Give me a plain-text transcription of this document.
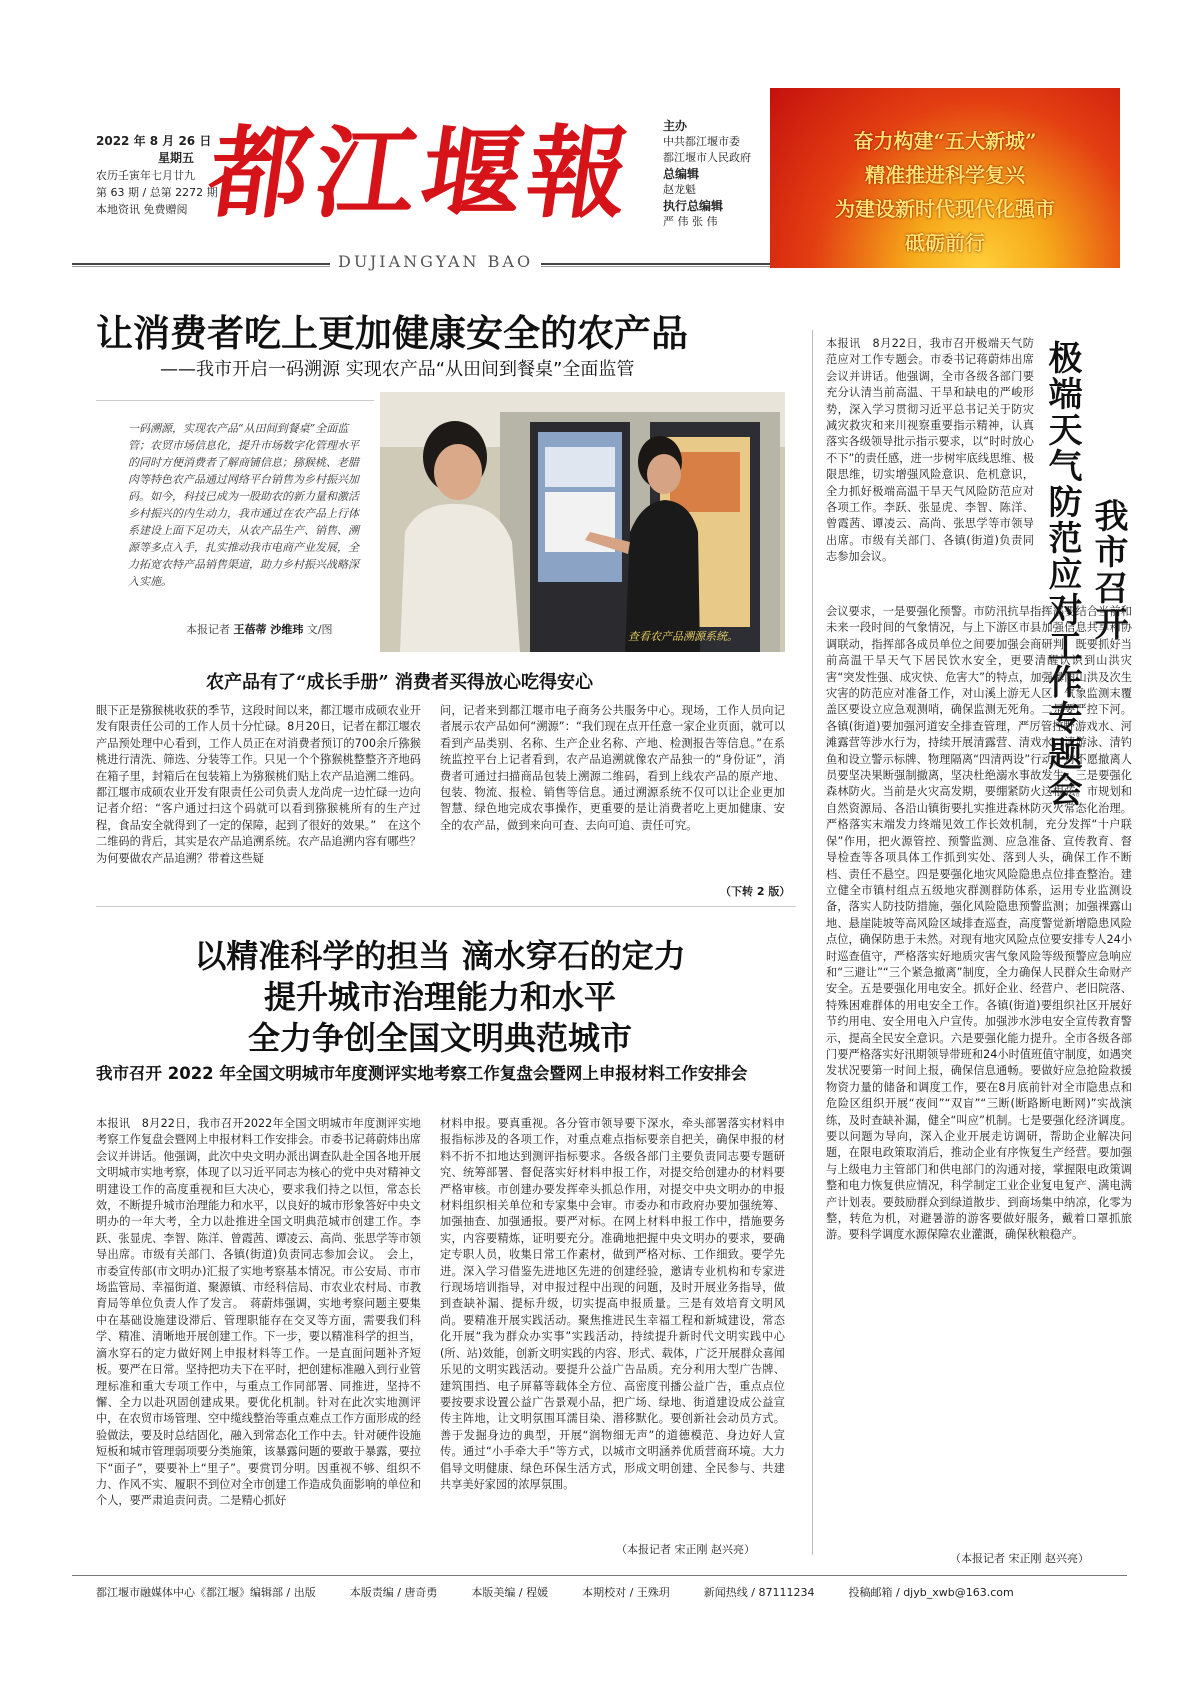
2022 年 8 月 26 日
星期五
农历壬寅年七月廿九
第 63 期 / 总第 2272 期
本地资讯 免费赠阅 都江堰報
DUJIANGYAN BAO
主办
中共都江堰市委
都江堰市人民政府
总编辑
赵龙魁
执行总编辑
严 伟 张 伟
奋力构建“五大新城”
精准推进科学复兴
为建设新时代现代化强市
砥砺前行
让消费者吃上更加健康安全的农产品
——我市开启一码溯源 实现农产品“从田间到餐桌”全面监管
一码溯源，实现农产品“从田间到餐桌”全面监管；农贸市场信息化，提升市场数字化管理水平的同时方便消费者了解商铺信息；猕猴桃、老腊肉等特色农产品通过网络平台销售为乡村振兴加码。如今，科技已成为一股助农的新力量和激活乡村振兴的内生动力，我市通过在农产品上行体系建设上面下足功夫，从农产品生产、销售、溯源等多点入手，扎实推动我市电商产业发展，全力拓宽农特产品销售渠道，助力乡村振兴战略深入实施。
本报记者 王蓓蒂 沙维玮 文/图
查看农产品溯源系统。
农产品有了“成长手册” 消费者买得放心吃得安心
眼下正是猕猴桃收获的季节，这段时间以来，都江堰市成硕农业开发有限责任公司的工作人员十分忙碌。8月20日，记者在都江堰农产品预处理中心看到，工作人员正在对消费者预订的700余斤猕猴桃进行清洗、筛选、分装等工作。只见一个个猕猴桃整整齐齐地码在箱子里，封箱后在包装箱上为猕猴桃们贴上农产品追溯二维码。都江堰市成硕农业开发有限责任公司负责人龙尚虎一边忙碌一边向记者介绍：“客户通过扫这个码就可以看到猕猴桃所有的生产过程，食品安全就得到了一定的保障，起到了很好的效果。”　在这个二维码的背后，其实是农产品追溯系统。农产品追溯内容有哪些？为何要做农产品追溯？带着这些疑
问，记者来到都江堰市电子商务公共服务中心。现场，工作人员向记者展示农产品如何“溯源”：“我们现在点开任意一家企业页面，就可以看到产品类别、名称、生产企业名称、产地、检测报告等信息。”在系统监控平台上记者看到，农产品追溯就像农产品独一的“身份证”，消费者可通过扫描商品包装上溯源二维码，看到上线农产品的原产地、包装、物流、报检、销售等信息。通过溯源系统不仅可以让企业更加智慧、绿色地完成农事操作，更重要的是让消费者吃上更加健康、安全的农产品，做到来向可查、去向可追、责任可究。
（下转 2 版）
以精准科学的担当 滴水穿石的定力
提升城市治理能力和水平
全力争创全国文明典范城市
我市召开 2022 年全国文明城市年度测评实地考察工作复盘会暨网上申报材料工作安排会
本报讯　8月22日，我市召开2022年全国文明城市年度测评实地考察工作复盘会暨网上申报材料工作安排会。市委书记蒋蔚炜出席会议并讲话。他强调，此次中央文明办派出调查队赴全国各地开展文明城市实地考察，体现了以习近平同志为核心的党中央对精神文明建设工作的高度重视和巨大决心，要求我们持之以恒，常态长效，不断提升城市治理能力和水平，以良好的城市形象答好中央文明办的一年大考，全力以赴推进全国文明典范城市创建工作。李跃、张显虎、李智、陈洋、曾霞茜、谭凌云、高尚、张思学等市领导出席。市级有关部门、各镇(街道)负责同志参加会议。　会上，市委宣传部(市文明办)汇报了实地考察基本情况。市公安局、市市场监管局、幸福街道、聚源镇、市经科信局、市农业农村局、市教育局等单位负责人作了发言。　蒋蔚炜强调，实地考察问题主要集中在基础设施建设滞后、管理职能存在交叉等方面，需要我们科学、精准、清晰地开展创建工作。下一步，要以精准科学的担当，滴水穿石的定力做好网上申报材料等工作。一是直面问题补齐短板。要严在日常。坚持把功夫下在平时，把创建标准融入到行业管理标准和重大专项工作中，与重点工作同部署、同推进，坚持不懈、全力以赴巩固创建成果。要优化机制。针对在此次实地测评中，在农贸市场管理、空中缆线整治等重点难点工作方面形成的经验做法，要及时总结固化，融入到常态化工作中去。针对硬件设施短板和城市管理弱项要分类施策，该暴露问题的要敢于暴露，要拉下“面子”，要要补上“里子”。要赏罚分明。因重视不够、组织不力、作风不实、履职不到位对全市创建工作造成负面影响的单位和个人，要严肃追责问责。二是精心抓好
材料申报。要真重视。各分管市领导要下深水，牵头部署落实材料申报指标涉及的各项工作，对重点难点指标要亲自把关，确保申报的材料不折不扣地达到测评指标要求。各级各部门主要负责同志要专题研究、统筹部署、督促落实好材料申报工作，对提交给创建办的材料要严格审核。市创建办要发挥牵头抓总作用，对提交中央文明办的申报材料组织相关单位和专家集中会审。市委办和市政府办要加强统筹、加强抽查、加强通报。要严对标。在网上材料申报工作中，措施要务实，内容要精炼，证明要充分。准确地把握中央文明办的要求，要确定专职人员，收集日常工作素材，做到严格对标、工作细致。要学先进。深入学习借鉴先进地区先进的创建经验，邀请专业机构和专家进行现场培训指导，对申报过程中出现的问题，及时开展业务指导，做到查缺补漏、提标升级，切实提高申报质量。三是有效培育文明风尚。要精准开展实践活动。聚焦推进民生幸福工程和新城建设，常态化开展“我为群众办实事”实践活动，持续提升新时代文明实践中心(所、站)效能，创新文明实践的内容、形式、载体，广泛开展群众喜闻乐见的文明实践活动。要提升公益广告品质。充分利用大型广告牌、建筑围挡、电子屏幕等载体全方位、高密度刊播公益广告，重点点位要按要求设置公益广告景观小品，把广场、绿地、街道建设成公益宣传主阵地，让文明氛围耳濡目染、潜移默化。要创新社会动员方式。善于发掘身边的典型，开展“润物细无声”的道德模范、身边好人宣传。通过“小手牵大手”等方式，以城市文明涵养优质营商环境。大力倡导文明健康、绿色环保生活方式，形成文明创建、全民参与、共建共享美好家园的浓厚氛围。
（本报记者 宋正刚 赵兴亮）
极端天气防范应对工作专题会 我市召开
本报讯　8月22日，我市召开极端天气防范应对工作专题会。市委书记蒋蔚炜出席会议并讲话。他强调，全市各级各部门要充分认清当前高温、干旱和缺电的严峻形势，深入学习贯彻习近平总书记关于防灾减灾救灾和来川视察重要指示精神，认真落实各级领导批示指示要求，以“时时放心不下”的责任感，进一步树牢底线思维、极限思维，切实增强风险意识、危机意识，全力抓好极端高温干旱天气风险防范应对各项工作。李跃、张显虎、李智、陈洋、曾霞茜、谭凌云、高尚、张思学等市领导出席。市级有关部门、各镇(街道)负责同志参加会议。
会议要求，一是要强化预警。市防汛抗旱指挥部要结合当前和未来一段时间的气象情况，与上下游区市县加强信息共享和协调联动，指挥部各成员单位之间要加强会商研判，既要抓好当前高温干旱天气下居民饮水安全，更要清醒认识到山洪灾害“突发性强、成灾快、危害大”的特点，加强暴雨山洪及次生灾害的防范应对准备工作，对山溪上游无人区、气象监测末覆盖区要设立应急观测哨，确保监测无死角。二是要严控下河。各镇(街道)要加强河道安全排查管理，严厉管控野游戏水、河滩露营等涉水行为，持续开展清露营、清戏水、清游泳、清钓鱼和设立警示标牌、物理隔离“四清两设”行动，对不愿撤离人员要坚决果断强制撤离，坚决杜绝溺水事故发生。三是要强化森林防火。当前是火灾高发期，要绷紧防火这根弦。市规划和自然资源局、各沿山镇街要扎实推进森林防灭火常态化治理。严格落实末端发力终端见效工作长效机制，充分发挥“十户联保”作用，把火源管控、预警监测、应急准备、宣传教育、督导检查等各项具体工作抓到实处、落到人头，确保工作不断档、责任不悬空。四是要强化地灾风险隐患点位排查整治。建立健全市镇村组点五级地灾群测群防体系，运用专业监测设备，落实人防技防措施，强化风险隐患预警监测；加强裸露山地、悬崖陡坡等高风险区域排查巡查，高度警觉新增隐患风险点位，确保防患于未然。对现有地灾风险点位要安排专人24小时巡查值守，严格落实好地质灾害气象风险等级预警应急响应和“三避让”“三个紧急撤离”制度，全力确保人民群众生命财产安全。五是要强化用电安全。抓好企业、经营户、老旧院落、特殊困难群体的用电安全工作。各镇(街道)要组织社区开展好节约用电、安全用电入户宣传。加强涉水涉电安全宣传教育警示，提高全民安全意识。六是要强化能力提升。全市各级各部门要严格落实好汛期领导带班和24小时值班值守制度，如遇突发状况要第一时间上报，确保信息通畅。要做好应急抢险救援物资力量的储备和调度工作，要在8月底前针对全市隐患点和危险区组织开展“夜间”“双盲”“三断(断路断电断网)”实战演练，及时查缺补漏，健全“叫应”机制。七是要强化经济调度。要以问题为导向，深入企业开展走访调研，帮助企业解决问题，在限电政策取消后，推动企业有序恢复生产经营。要加强与上级电力主管部门和供电部门的沟通对接，掌握限电政策调整和电力恢复供应情况，科学制定工业企业复电复产、满电满产计划表。要鼓励群众到绿道散步、到商场集中纳凉，化零为整，转危为机，对避暑游的游客要做好服务，戴着口罩抓旅游。要科学调度水源保障农业灌溉，确保秋粮稳产。
（本报记者 宋正刚 赵兴亮）
都江堰市融媒体中心《都江堰》编辑部 / 出版	本版责编 / 唐奇勇	本版美编 / 程媛	本期校对 / 王殊玥	新闻热线 / 87111234	投稿邮箱 / djyb_xwb@163.com
